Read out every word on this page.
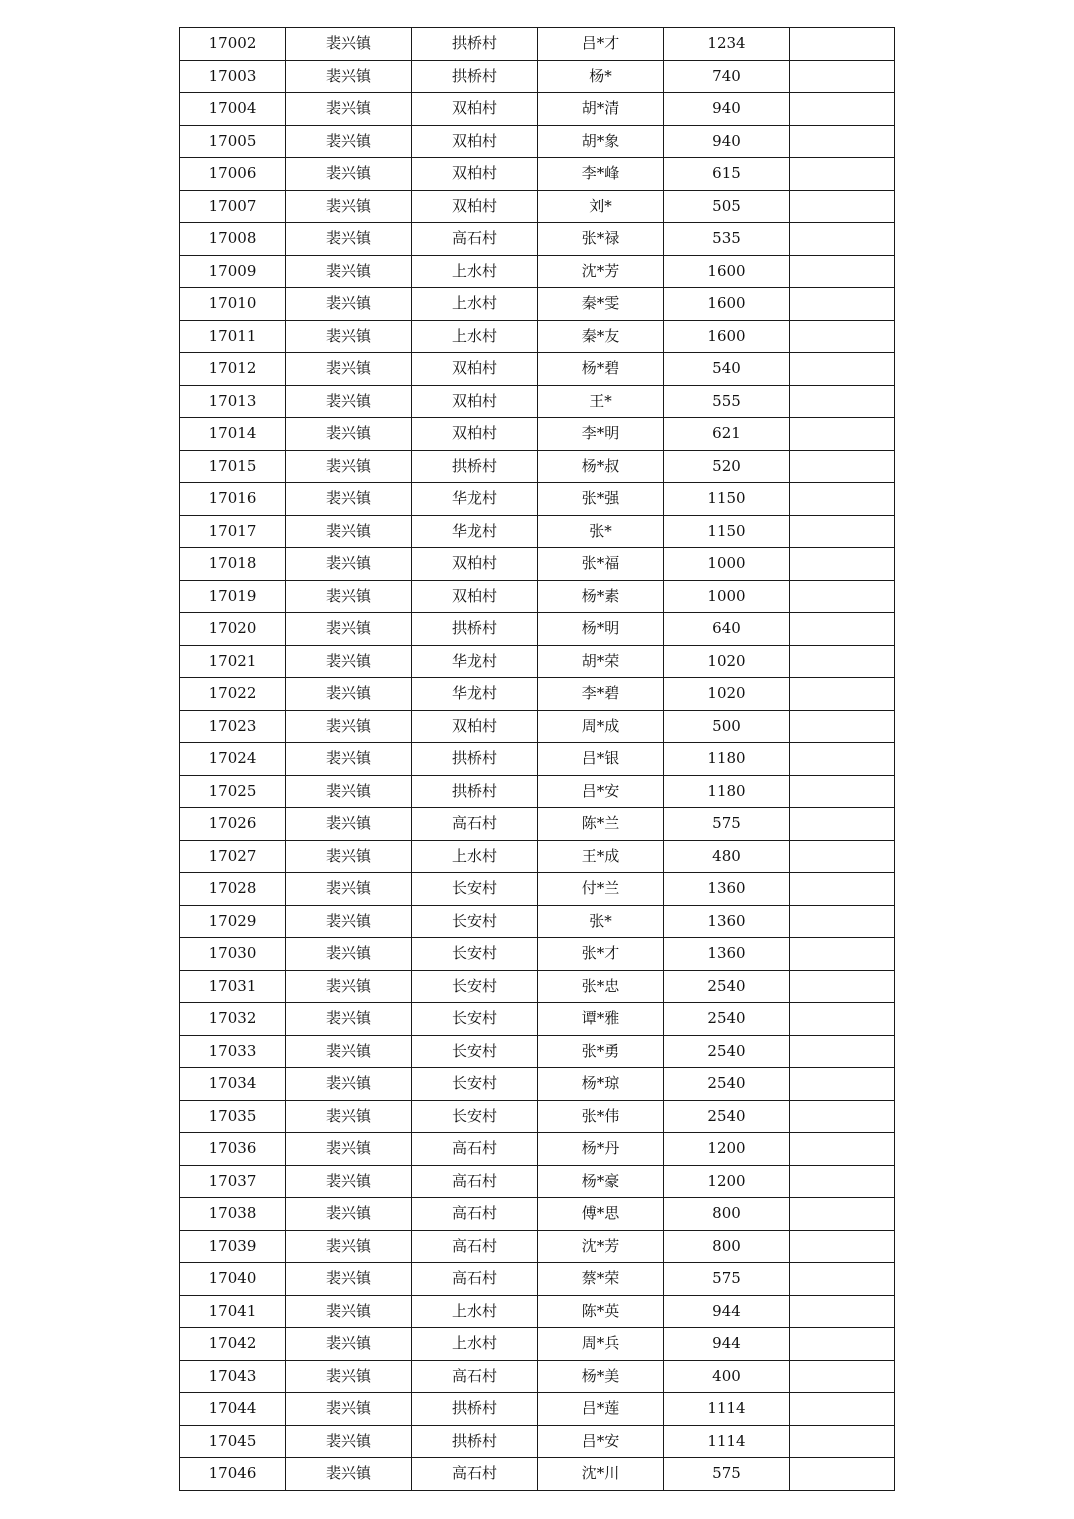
17002	裴兴镇	拱桥村	吕*才	1234	
17003	裴兴镇	拱桥村	杨*	740	
17004	裴兴镇	双柏村	胡*清	940	
17005	裴兴镇	双柏村	胡*象	940	
17006	裴兴镇	双柏村	李*峰	615	
17007	裴兴镇	双柏村	刘*	505	
17008	裴兴镇	高石村	张*禄	535	
17009	裴兴镇	上水村	沈*芳	1600	
17010	裴兴镇	上水村	秦*雯	1600	
17011	裴兴镇	上水村	秦*友	1600	
17012	裴兴镇	双柏村	杨*碧	540	
17013	裴兴镇	双柏村	王*	555	
17014	裴兴镇	双柏村	李*明	621	
17015	裴兴镇	拱桥村	杨*叔	520	
17016	裴兴镇	华龙村	张*强	1150	
17017	裴兴镇	华龙村	张*	1150	
17018	裴兴镇	双柏村	张*福	1000	
17019	裴兴镇	双柏村	杨*素	1000	
17020	裴兴镇	拱桥村	杨*明	640	
17021	裴兴镇	华龙村	胡*荣	1020	
17022	裴兴镇	华龙村	李*碧	1020	
17023	裴兴镇	双柏村	周*成	500	
17024	裴兴镇	拱桥村	吕*银	1180	
17025	裴兴镇	拱桥村	吕*安	1180	
17026	裴兴镇	高石村	陈*兰	575	
17027	裴兴镇	上水村	王*成	480	
17028	裴兴镇	长安村	付*兰	1360	
17029	裴兴镇	长安村	张*	1360	
17030	裴兴镇	长安村	张*才	1360	
17031	裴兴镇	长安村	张*忠	2540	
17032	裴兴镇	长安村	谭*雅	2540	
17033	裴兴镇	长安村	张*勇	2540	
17034	裴兴镇	长安村	杨*琼	2540	
17035	裴兴镇	长安村	张*伟	2540	
17036	裴兴镇	高石村	杨*丹	1200	
17037	裴兴镇	高石村	杨*豪	1200	
17038	裴兴镇	高石村	傅*思	800	
17039	裴兴镇	高石村	沈*芳	800	
17040	裴兴镇	高石村	蔡*荣	575	
17041	裴兴镇	上水村	陈*英	944	
17042	裴兴镇	上水村	周*兵	944	
17043	裴兴镇	高石村	杨*美	400	
17044	裴兴镇	拱桥村	吕*莲	1114	
17045	裴兴镇	拱桥村	吕*安	1114	
17046	裴兴镇	高石村	沈*川	575	
